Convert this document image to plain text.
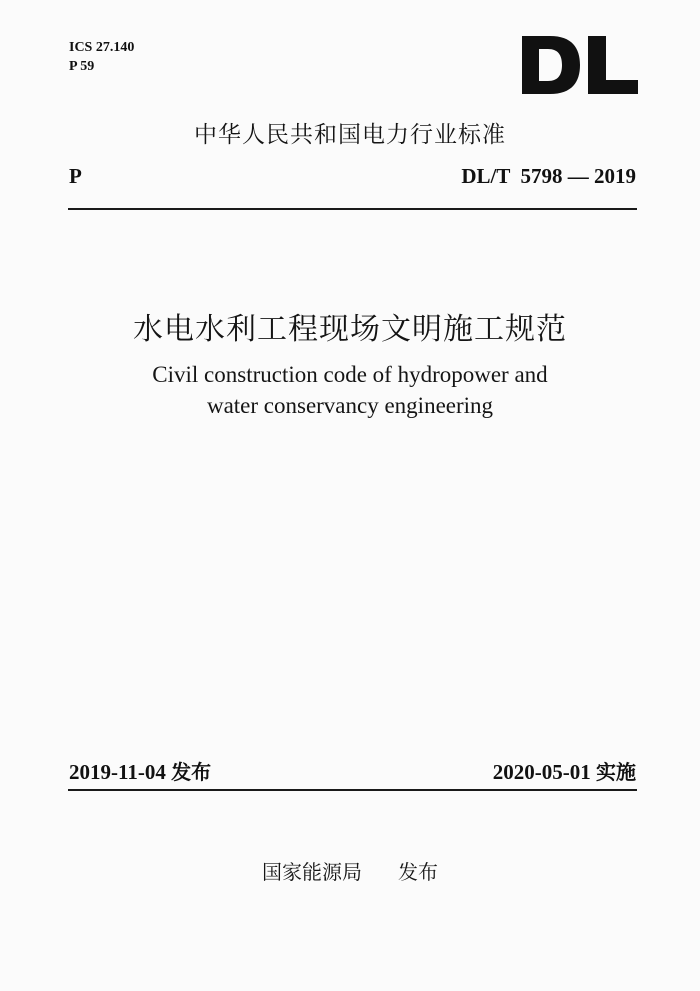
ICS 27.140
P 59
中华人民共和国电力行业标准
P	DL/T  5798 — 2019
水电水利工程现场文明施工规范
Civil construction code of hydropower and
water conservancy engineering
2019-11-04 发布	2020-05-01 实施
国家能源局 发布
